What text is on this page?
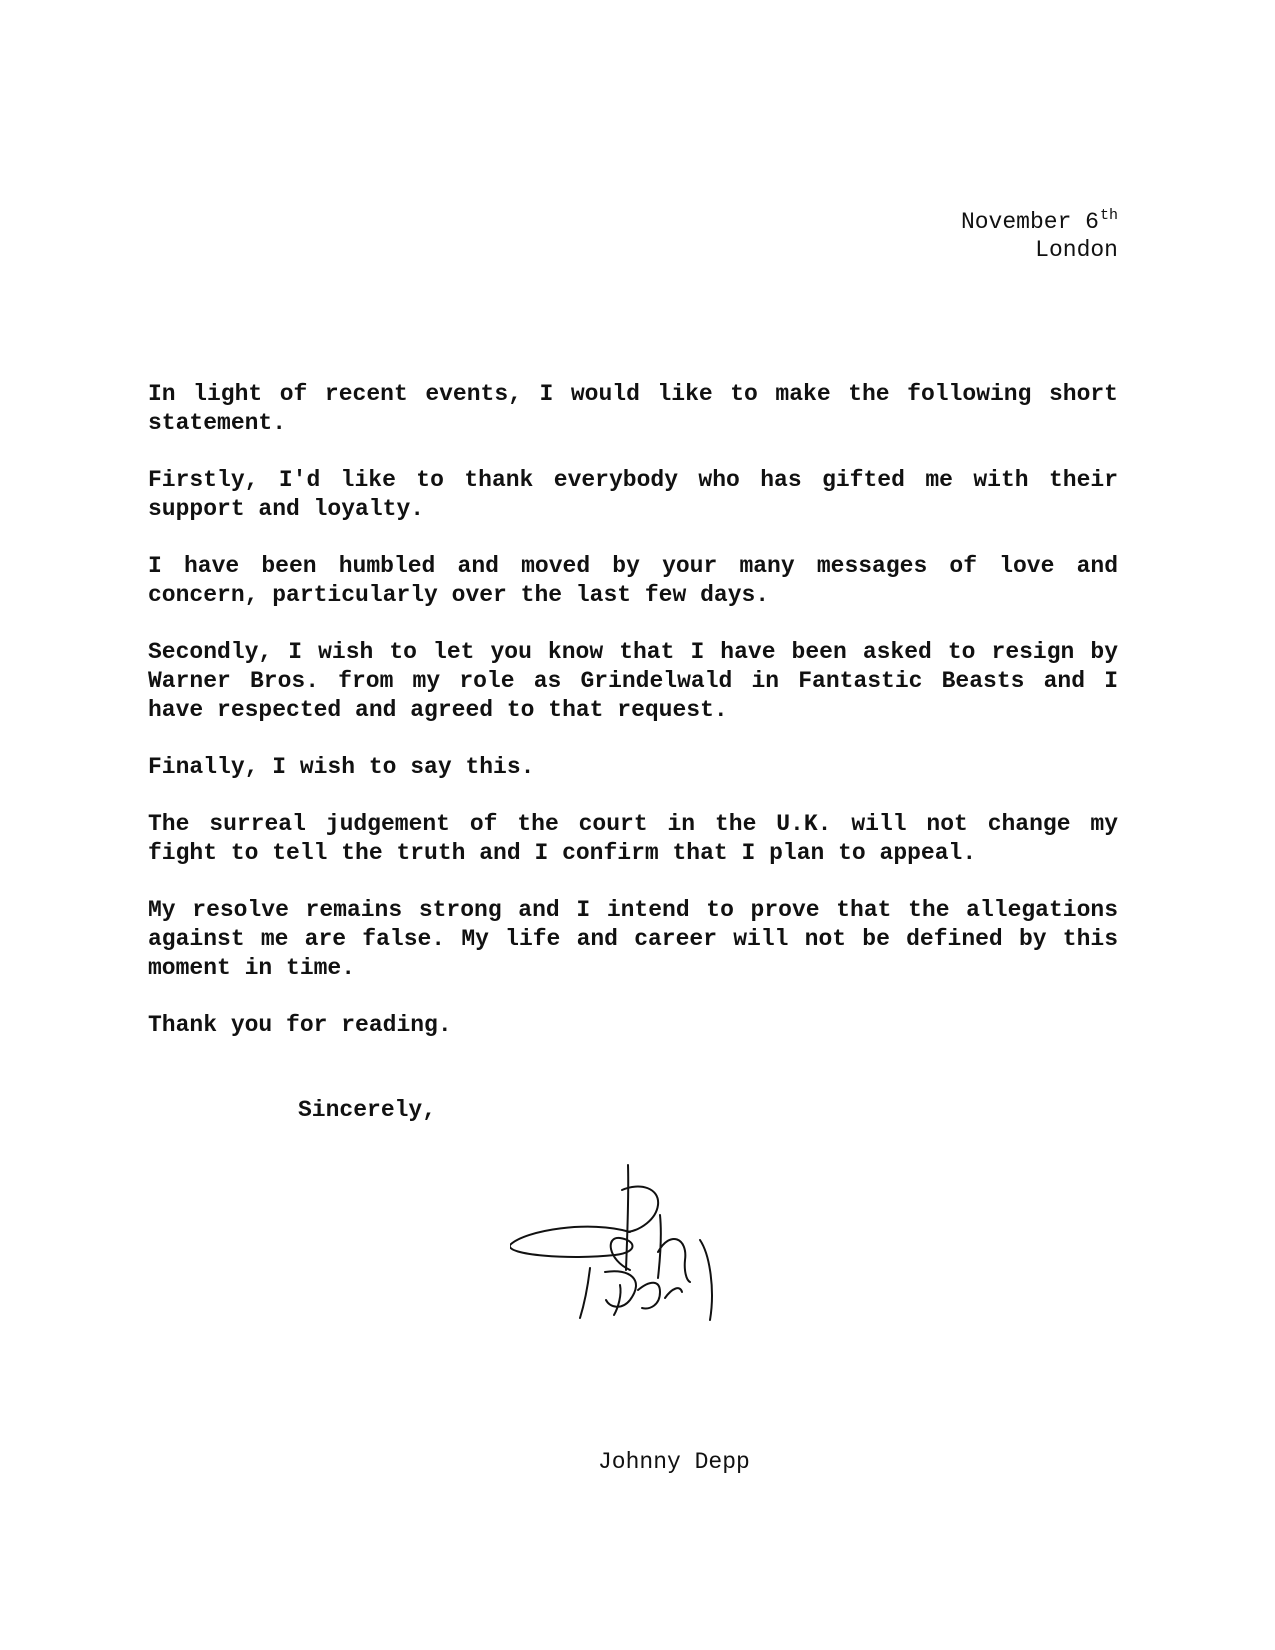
November 6th
London

In light of recent events, I would like to make the following short statement.

Firstly, I'd like to thank everybody who has gifted me with their support and loyalty.

I have been humbled and moved by your many messages of love and concern, particularly over the last few days.

Secondly, I wish to let you know that I have been asked to resign by Warner Bros. from my role as Grindelwald in Fantastic Beasts and I have respected and agreed to that request.

Finally, I wish to say this.

The surreal judgement of the court in the U.K. will not change my fight to tell the truth and I confirm that I plan to appeal.

My resolve remains strong and I intend to prove that the allegations against me are false. My life and career will not be defined by this moment in time.

Thank you for reading.

Sincerely,
Johnny Depp
